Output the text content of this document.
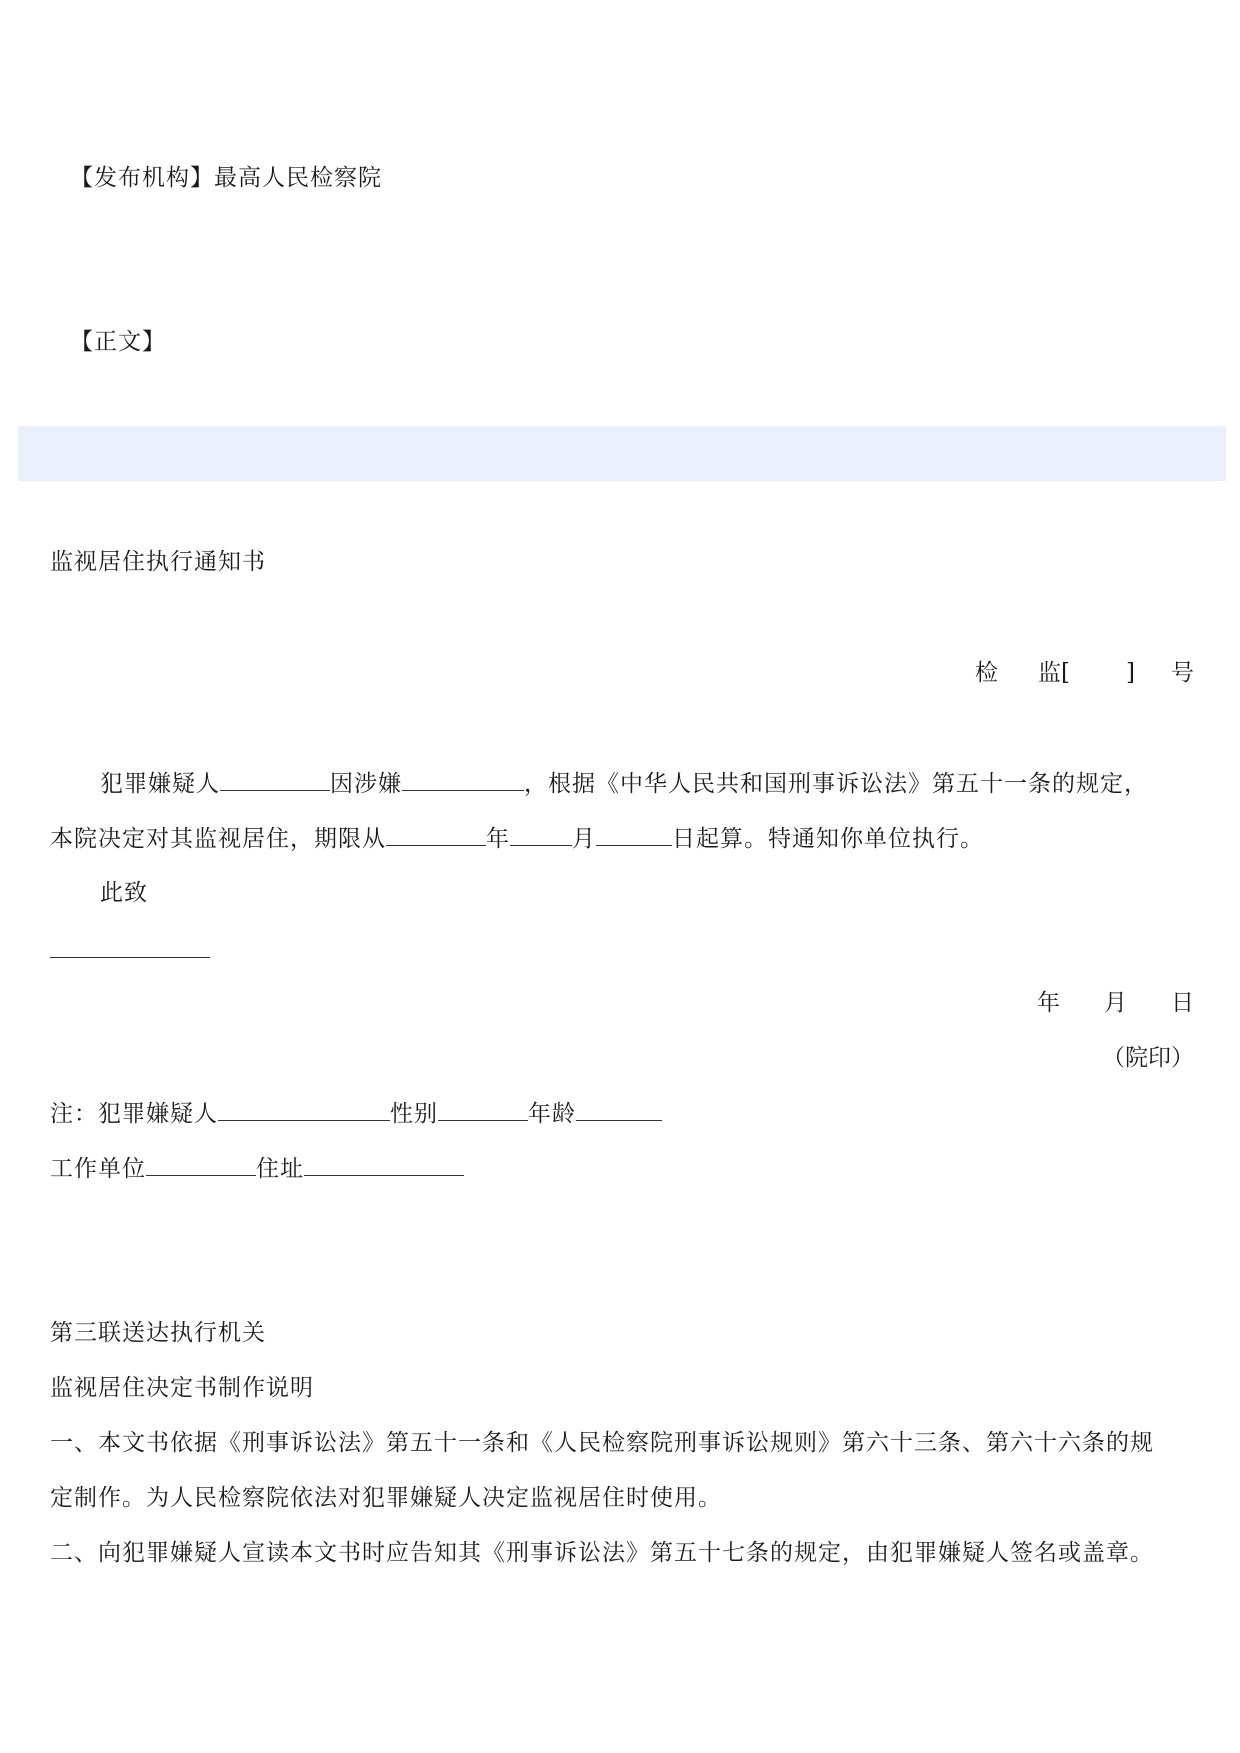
【发布机构】最高人民检察院
【正文】
监视居住执行通知书
检 监[ ] 号
犯罪嫌疑人	因涉嫌	，根据《中华人民共和国刑事诉讼法》第五十一条的规定，
本院决定对其监视居住，期限从	年	月	日起算。特通知你单位执行。
此致
年 月 日
（院印）
注：犯罪嫌疑人	性别	年龄
工作单位	住址
第三联送达执行机关
监视居住决定书制作说明
一、本文书依据《刑事诉讼法》第五十一条和《人民检察院刑事诉讼规则》第六十三条、第六十六条的规
定制作。为人民检察院依法对犯罪嫌疑人决定监视居住时使用。
二、向犯罪嫌疑人宣读本文书时应告知其《刑事诉讼法》第五十七条的规定，由犯罪嫌疑人签名或盖章。
